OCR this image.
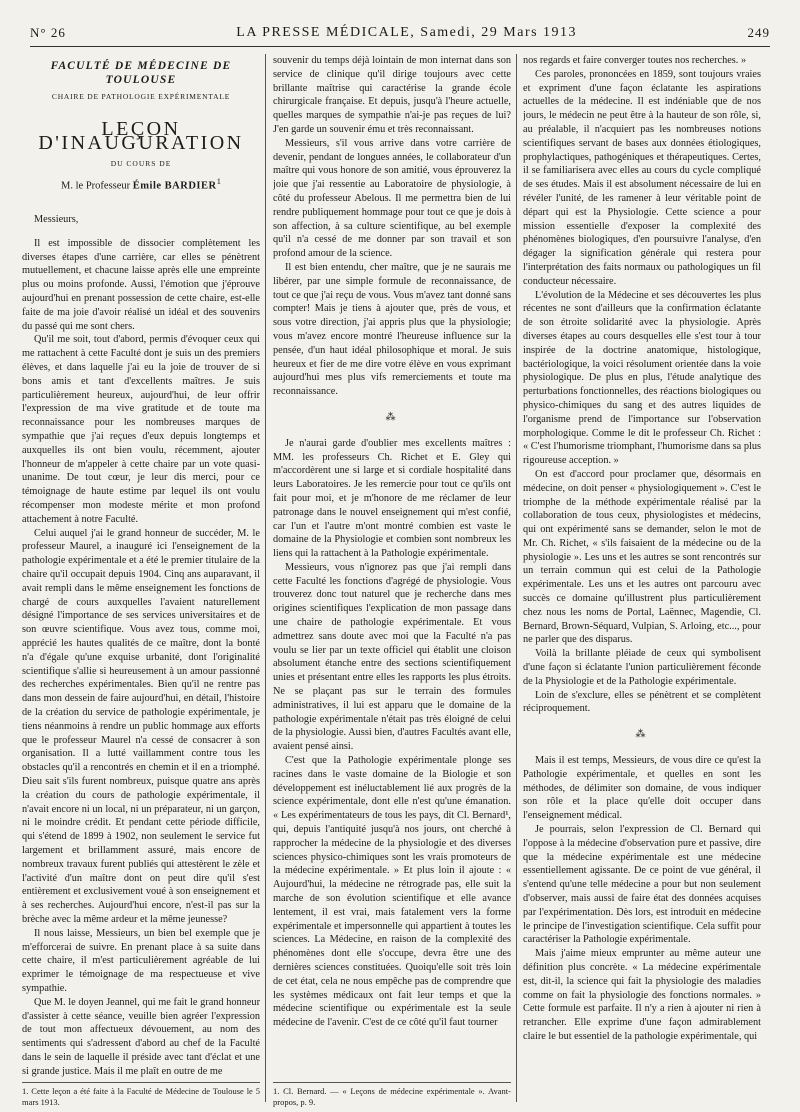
N° 26	LA PRESSE MÉDICALE, Samedi, 29 Mars 1913	249
FACULTÉ DE MÉDECINE DE TOULOUSE
CHAIRE DE PATHOLOGIE EXPÉRIMENTALE
LEÇON D'INAUGURATION
DU COURS DE
M. le Professeur Émile BARDIER$^1$

Messieurs,

Il est impossible de dissocier complètement les diverses étapes d'une carrière, car elles se pénètrent mutuellement, et chacune laisse après elle une empreinte plus ou moins profonde. Aussi, l'émotion que j'éprouve aujourd'hui en prenant possession de cette chaire, est-elle faite de ma joie d'avoir réalisé un idéal et des souvenirs du passé qui me sont chers.

Qu'il me soit, tout d'abord, permis d'évoquer ceux qui me rattachent à cette Faculté dont je suis un des premiers élèves, et dans laquelle j'ai eu la joie de trouver de si bons amis et tant d'excellents maîtres. Je suis particulièrement heureux, aujourd'hui, de leur offrir l'expression de ma vive gratitude et de toute ma reconnaissance pour les nombreuses marques de sympathie que j'ai reçues d'eux depuis longtemps et auxquelles ils ont bien voulu, récemment, ajouter l'honneur de m'appeler à cette chaire par un vote quasi-unanime. De tout cœur, je leur dis merci, pour ce témoignage de haute estime par lequel ils ont voulu récompenser mon modeste mérite et mon profond attachement à notre Faculté.

Celui auquel j'ai le grand honneur de succéder, M. le professeur Maurel, a inauguré ici l'enseignement de la pathologie expérimentale et a été le premier titulaire de la chaire qu'il occupait depuis 1904. Cinq ans auparavant, il avait rempli dans le même enseignement les fonctions de chargé de cours auxquelles l'avaient naturellement désigné l'importance de ses services universitaires et de son œuvre scientifique. Vous avez tous, comme moi, apprécié les hautes qualités de ce maître, dont la bonté n'a d'égale qu'une exquise urbanité, dont l'originalité scientifique s'allie si heureusement à un amour passionné des recherches expérimentales. Bien qu'il ne rentre pas dans mon dessein de faire aujourd'hui, en détail, l'histoire de la création du service de pathologie expérimentale, je tiens néanmoins à rendre un public hommage aux efforts que le professeur Maurel n'a cessé de consacrer à son organisation. Il a lutté vaillamment contre tous les obstacles qu'il a rencontrés en chemin et il en a triomphé. Dieu sait s'ils furent nombreux, puisque quatre ans après la création du cours de pathologie expérimentale, il n'avait encore ni un local, ni un préparateur, ni un garçon, ni le moindre crédit. Et pendant cette période difficile, qui s'étend de 1899 à 1902, non seulement le service fut largement et brillamment assuré, mais encore de nombreux travaux furent publiés qui attestèrent le zèle et l'activité d'un maître dont on peut dire qu'il s'est entièrement et exclusivement voué à son enseignement et à ses recherches. Aujourd'hui encore, n'est-il pas sur la brèche avec la même ardeur et la même jeunesse?

Il nous laisse, Messieurs, un bien bel exemple que je m'efforcerai de suivre. En prenant place à sa suite dans cette chaire, il m'est particulièrement agréable de lui exprimer le témoignage de ma respectueuse et vive sympathie.

Que M. le doyen Jeannel, qui me fait le grand honneur d'assister à cette séance, veuille bien agréer l'expression de tout mon affectueux dévouement, au nom des sentiments qui s'adressent d'abord au chef de la Faculté dans le sein de laquelle il préside avec tant d'éclat et une si grande justice. Mais il me plaît en outre de me

1. Cette leçon a été faite à la Faculté de Médecine de Toulouse le 5 mars 1913.

souvenir du temps déjà lointain de mon internat dans son service de clinique qu'il dirige toujours avec cette brillante maîtrise qui caractérise la grande école chirurgicale française. Et depuis, jusqu'à l'heure actuelle, quelles marques de sympathie n'ai-je pas reçues de lui? J'en garde un souvenir ému et très reconnaissant.

Messieurs, s'il vous arrive dans votre carrière de devenir, pendant de longues années, le collaborateur d'un maître qui vous honore de son amitié, vous éprouverez la joie que j'ai ressentie au Laboratoire de physiologie, à côté du professeur Abelous. Il me permettra bien de lui rendre publiquement hommage pour tout ce que je dois à son affection, à sa culture scientifique, au bel exemple qu'il n'a cessé de me donner par son travail et son profond amour de la science.

Il est bien entendu, cher maître, que je ne saurais me libérer, par une simple formule de reconnaissance, de tout ce que j'ai reçu de vous. Vous m'avez tant donné sans compter! Mais je tiens à ajouter que, près de vous, et sous votre direction, j'ai appris plus que la physiologie; vous m'avez encore montré l'heureuse influence sur la pensée, d'un haut idéal philosophique et moral. Je suis heureux et fier de me dire votre élève en vous exprimant aujourd'hui mes plus vifs remerciements et toute ma reconnaissance.

⁂

Je n'aurai garde d'oublier mes excellents maîtres : MM. les professeurs Ch. Richet et E. Gley qui m'accordèrent une si large et si cordiale hospitalité dans leurs Laboratoires. Je les remercie pour tout ce qu'ils ont fait pour moi, et je m'honore de me réclamer de leur patronage dans le nouvel enseignement qui m'est confié, car l'un et l'autre m'ont montré combien est vaste le domaine de la Physiologie et combien sont nombreux les liens qui la rattachent à la Pathologie expérimentale.

Messieurs, vous n'ignorez pas que j'ai rempli dans cette Faculté les fonctions d'agrégé de physiologie. Vous trouverez donc tout naturel que je recherche dans mes origines scientifiques l'explication de mon passage dans une chaire de pathologie expérimentale. Et vous admettrez sans doute avec moi que la Faculté n'a pas voulu se lier par un texte officiel qui établit une cloison absolument étanche entre des sections scientifiquement unies et présentant entre elles les rapports les plus étroits. Ne se plaçant pas sur le terrain des formules administratives, il lui est apparu que le domaine de la pathologie expérimentale n'était pas très éloigné de celui de la physiologie. Aussi bien, d'autres Facultés avant elle, avaient pensé ainsi.

C'est que la Pathologie expérimentale plonge ses racines dans le vaste domaine de la Biologie et son développement est inéluctablement lié aux progrès de la science expérimentale, dont elle n'est qu'une émanation. « Les expérimentateurs de tous les pays, dit Cl. Bernard¹, qui, depuis l'antiquité jusqu'à nos jours, ont cherché à rapprocher la médecine de la physiologie et des diverses sciences physico-chimiques sont les vrais promoteurs de la médecine expérimentale. » Et plus loin il ajoute : « Aujourd'hui, la médecine ne rétrograde pas, elle suit la marche de son évolution scientifique et elle avance lentement, il est vrai, mais fatalement vers la forme expérimentale et impersonnelle qui appartient à toutes les sciences. La Médecine, en raison de la complexité des phénomènes dont elle s'occupe, devra être une des dernières sciences constituées. Quoiqu'elle soit très loin de cet état, cela ne nous empêche pas de comprendre que les systèmes médicaux ont fait leur temps et que la médecine scientifique ou expérimentale est la seule médecine de l'avenir. C'est de ce côté qu'il faut tourner

1. Cl. Bernard. — « Leçons de médecine expérimentale ». Avant-propos, p. 9.

nos regards et faire converger toutes nos recherches. »

Ces paroles, prononcées en 1859, sont toujours vraies et expriment d'une façon éclatante les aspirations actuelles de la médecine. Il est indéniable que de nos jours, le médecin ne peut être à la hauteur de son rôle, si, au préalable, il n'acquiert pas les nombreuses notions scientifiques servant de bases aux données étiologiques, prophylactiques, pathogéniques et thérapeutiques. Certes, il se familiarisera avec elles au cours du cycle compliqué de ses études. Mais il est absolument nécessaire de lui en révéler l'unité, de les ramener à leur véritable point de départ qui est la Physiologie. Cette science a pour mission essentielle d'exposer la complexité des phénomènes biologiques, d'en poursuivre l'analyse, d'en dégager la signification générale qui restera pour l'interprétation des faits normaux ou pathologiques un fil conducteur nécessaire.

L'évolution de la Médecine et ses découvertes les plus récentes ne sont d'ailleurs que la confirmation éclatante de son étroite solidarité avec la physiologie. Après diverses étapes au cours desquelles elle s'est tour à tour inspirée de la doctrine anatomique, histologique, bactériologique, la voici résolument orientée dans la voie physiologique. De plus en plus, l'étude analytique des perturbations fonctionnelles, des réactions biologiques ou physico-chimiques du sang et des autres liquides de l'organisme prend de l'importance sur l'observation morphologique. Comme le dit le professeur Ch. Richet : « C'est l'humorisme triomphant, l'humorisme dans sa plus rigoureuse acception. »

On est d'accord pour proclamer que, désormais en médecine, on doit penser « physiologiquement ». C'est le triomphe de la méthode expérimentale réalisé par la collaboration de tous ceux, physiologistes et médecins, qui ont expérimenté sans se demander, selon le mot de Mr. Ch. Richet, « s'ils faisaient de la médecine ou de la physiologie ». Les uns et les autres se sont rencontrés sur un terrain commun qui est celui de la Pathologie expérimentale. Les uns et les autres ont parcouru avec succès ce domaine qu'illustrent plus particulièrement chez nous les noms de Portal, Laënnec, Magendie, Cl. Bernard, Brown-Séquard, Vulpian, S. Arloing, etc..., pour ne parler que des disparus.

Voilà la brillante pléiade de ceux qui symbolisent d'une façon si éclatante l'union particulièrement féconde de la Physiologie et de la Pathologie expérimentale.

Loin de s'exclure, elles se pénètrent et se complètent réciproquement.

⁂

Mais il est temps, Messieurs, de vous dire ce qu'est la Pathologie expérimentale, et quelles en sont les méthodes, de délimiter son domaine, de vous indiquer son rôle et la place qu'elle doit occuper dans l'enseignement médical.

Je pourrais, selon l'expression de Cl. Bernard qui l'oppose à la médecine d'observation pure et passive, dire que la médecine expérimentale est une médecine essentiellement agissante. De ce point de vue général, il s'entend qu'une telle médecine a pour but non seulement d'observer, mais aussi de faire état des données acquises par l'expérimentation. Dès lors, est introduit en médecine le principe de l'investigation scientifique. Cela suffit pour caractériser la Pathologie expérimentale.

Mais j'aime mieux emprunter au même auteur une définition plus concrète. « La médecine expérimentale est, dit-il, la science qui fait la physiologie des maladies comme on fait la physiologie des fonctions normales. » Cette formule est parfaite. Il n'y a rien à ajouter ni rien à retrancher. Elle exprime d'une façon admirablement claire le but essentiel de la pathologie expérimentale, qui
